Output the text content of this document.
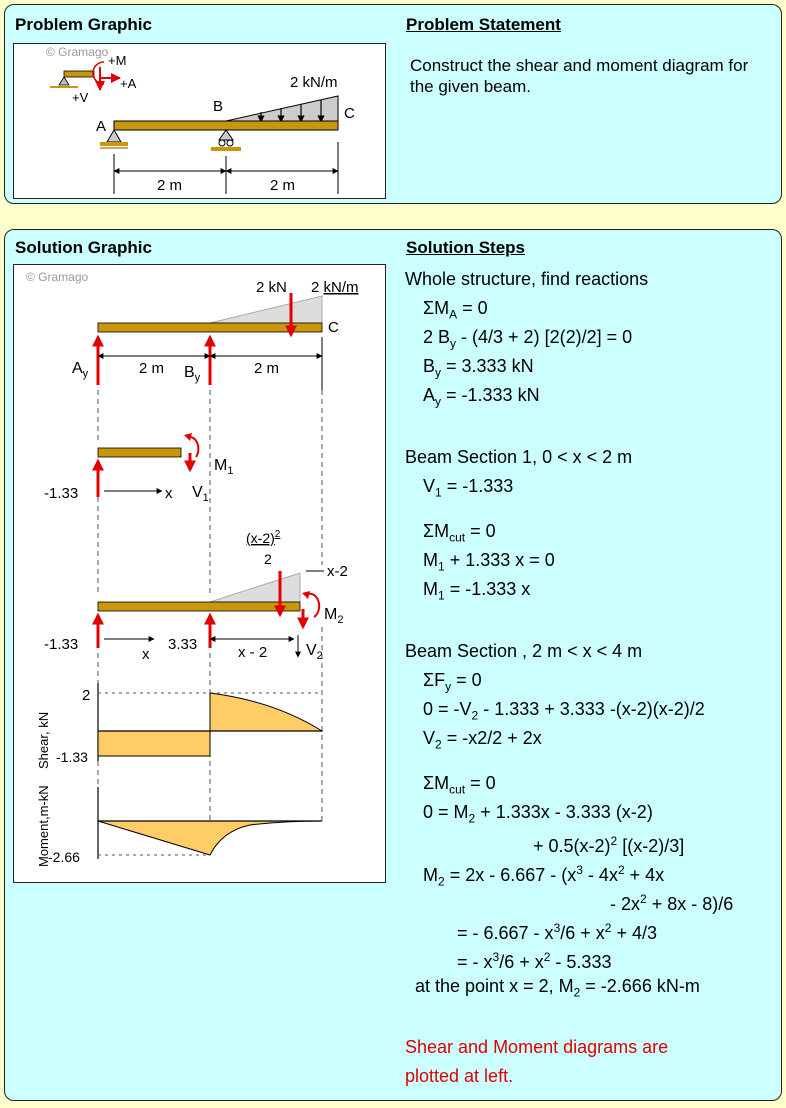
Problem Graphic	Problem Statement
© Gramago
+M
+A
+V
2 kN/m
A
B	C
2 m	2 m
Construct the shear and moment diagram for the given beam.
Solution Graphic	Solution Steps
© Gramago
2 kN 2 kN/m
C
$A_y$	$B_y$
2 m	2 m
$M_1$
-1.33	x $V_1$
$(x-2)^2$
2
x-2
$M_2$
-1.33
x
3.33	x - 2 $V_2$
2
-1.33
-2.66
Shear, kN
Moment,m-kN
Whole structure, find reactions
$\Sigma M_A = 0$
2 $B_y - (4/3 + 2) [2(2)/2] = 0$
$B_y = 3.333$ kN
$A_y = -1.333$ kN
Beam Section 1, 0 < x < 2 m
$V_1 = -1.333$
$\Sigma M_{cut} = 0$
$M_1 + 1.333$ x = 0
$M_1 = -1.333$ x
Beam Section , 2 m < x < 4 m
$\Sigma F_y = 0$
$0 = -V_2 - 1.333 + 3.333$ -(x-2)(x-2)/2
$V_2 = -x2/2 + 2x$
$\Sigma M_{cut} = 0$
$0 = M_2 + 1.333x - 3.333$ (x-2)
+ $0.5(x-2)^2$ [(x-2)/3]
$M_2 = 2x - 6.667 - (x^3 - 4x^2 + 4x$
- $2x^2 + 8x - 8)/6$
= - $6.667 - x^3/6 + x^2 + 4/3$
= - $x^3/6 + x^2 - 5.333$
at the point x = 2, $M_2 = -2.666$ kN-m
Shear and Moment diagrams are
plotted at left.
